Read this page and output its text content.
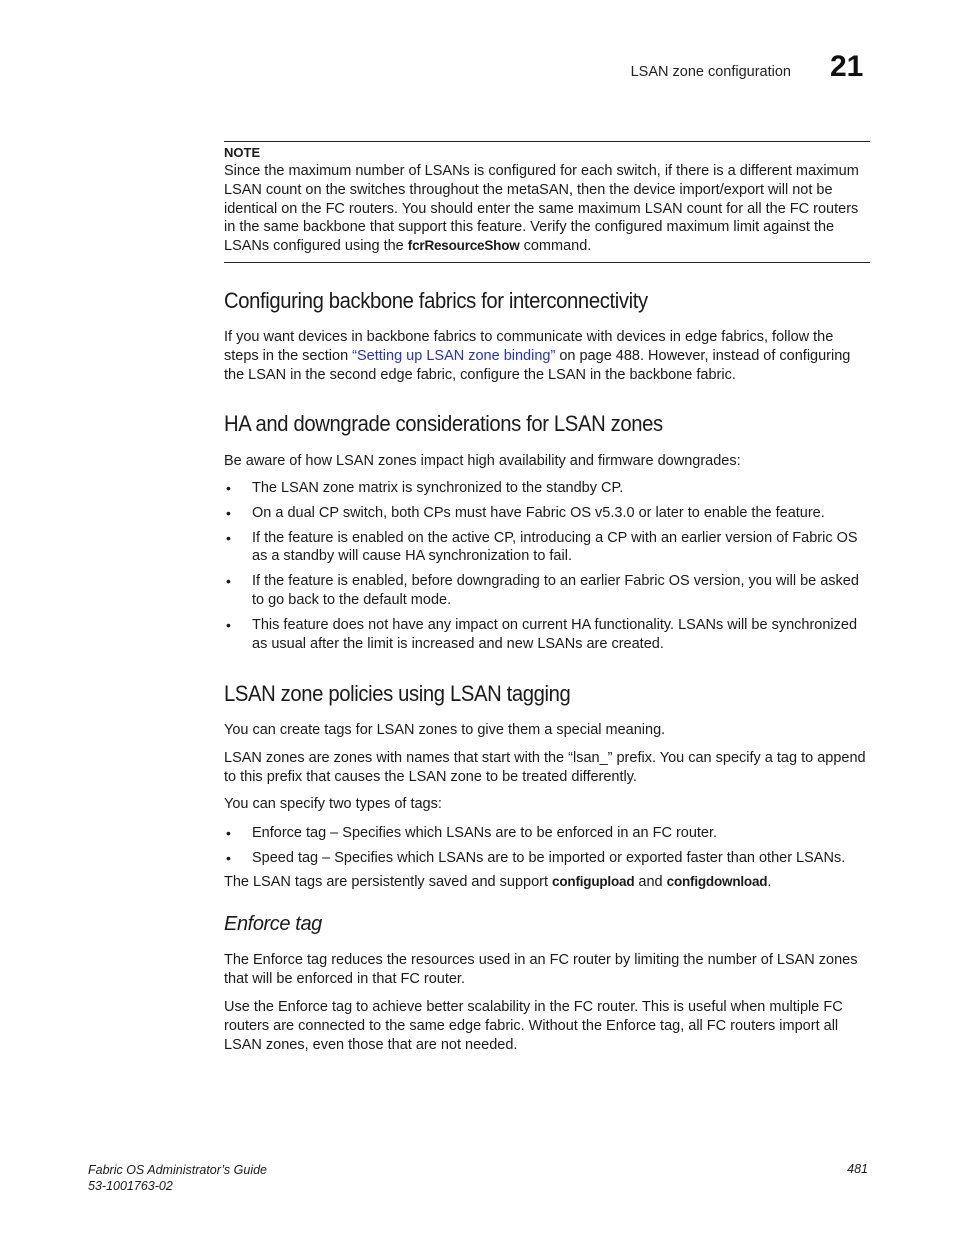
LSAN zone configuration 21
NOTE

Since the maximum number of LSANs is configured for each switch, if there is a different maximum LSAN count on the switches throughout the metaSAN, then the device import/export will not be identical on the FC routers. You should enter the same maximum LSAN count for all the FC routers in the same backbone that support this feature. Verify the configured maximum limit against the LSANs configured using the fcrResourceShow command.

Configuring backbone fabrics for interconnectivity

If you want devices in backbone fabrics to communicate with devices in edge fabrics, follow the steps in the section “Setting up LSAN zone binding” on page 488. However, instead of configuring the LSAN in the second edge fabric, configure the LSAN in the backbone fabric.

HA and downgrade considerations for LSAN zones

Be aware of how LSAN zones impact high availability and firmware downgrades:

• The LSAN zone matrix is synchronized to the standby CP.
• On a dual CP switch, both CPs must have Fabric OS v5.3.0 or later to enable the feature.
• If the feature is enabled on the active CP, introducing a CP with an earlier version of Fabric OS as a standby will cause HA synchronization to fail.
• If the feature is enabled, before downgrading to an earlier Fabric OS version, you will be asked to go back to the default mode.
• This feature does not have any impact on current HA functionality. LSANs will be synchronized as usual after the limit is increased and new LSANs are created.
LSAN zone policies using LSAN tagging

You can create tags for LSAN zones to give them a special meaning.

LSAN zones are zones with names that start with the “lsan_” prefix. You can specify a tag to append to this prefix that causes the LSAN zone to be treated differently.

You can specify two types of tags:

• Enforce tag – Specifies which LSANs are to be enforced in an FC router.
• Speed tag – Specifies which LSANs are to be imported or exported faster than other LSANs.

The LSAN tags are persistently saved and support configupload and configdownload.

Enforce tag

The Enforce tag reduces the resources used in an FC router by limiting the number of LSAN zones that will be enforced in that FC router.

Use the Enforce tag to achieve better scalability in the FC router. This is useful when multiple FC routers are connected to the same edge fabric. Without the Enforce tag, all FC routers import all LSAN zones, even those that are not needed.

Fabric OS Administrator’s Guide
53-1001763-02
481
